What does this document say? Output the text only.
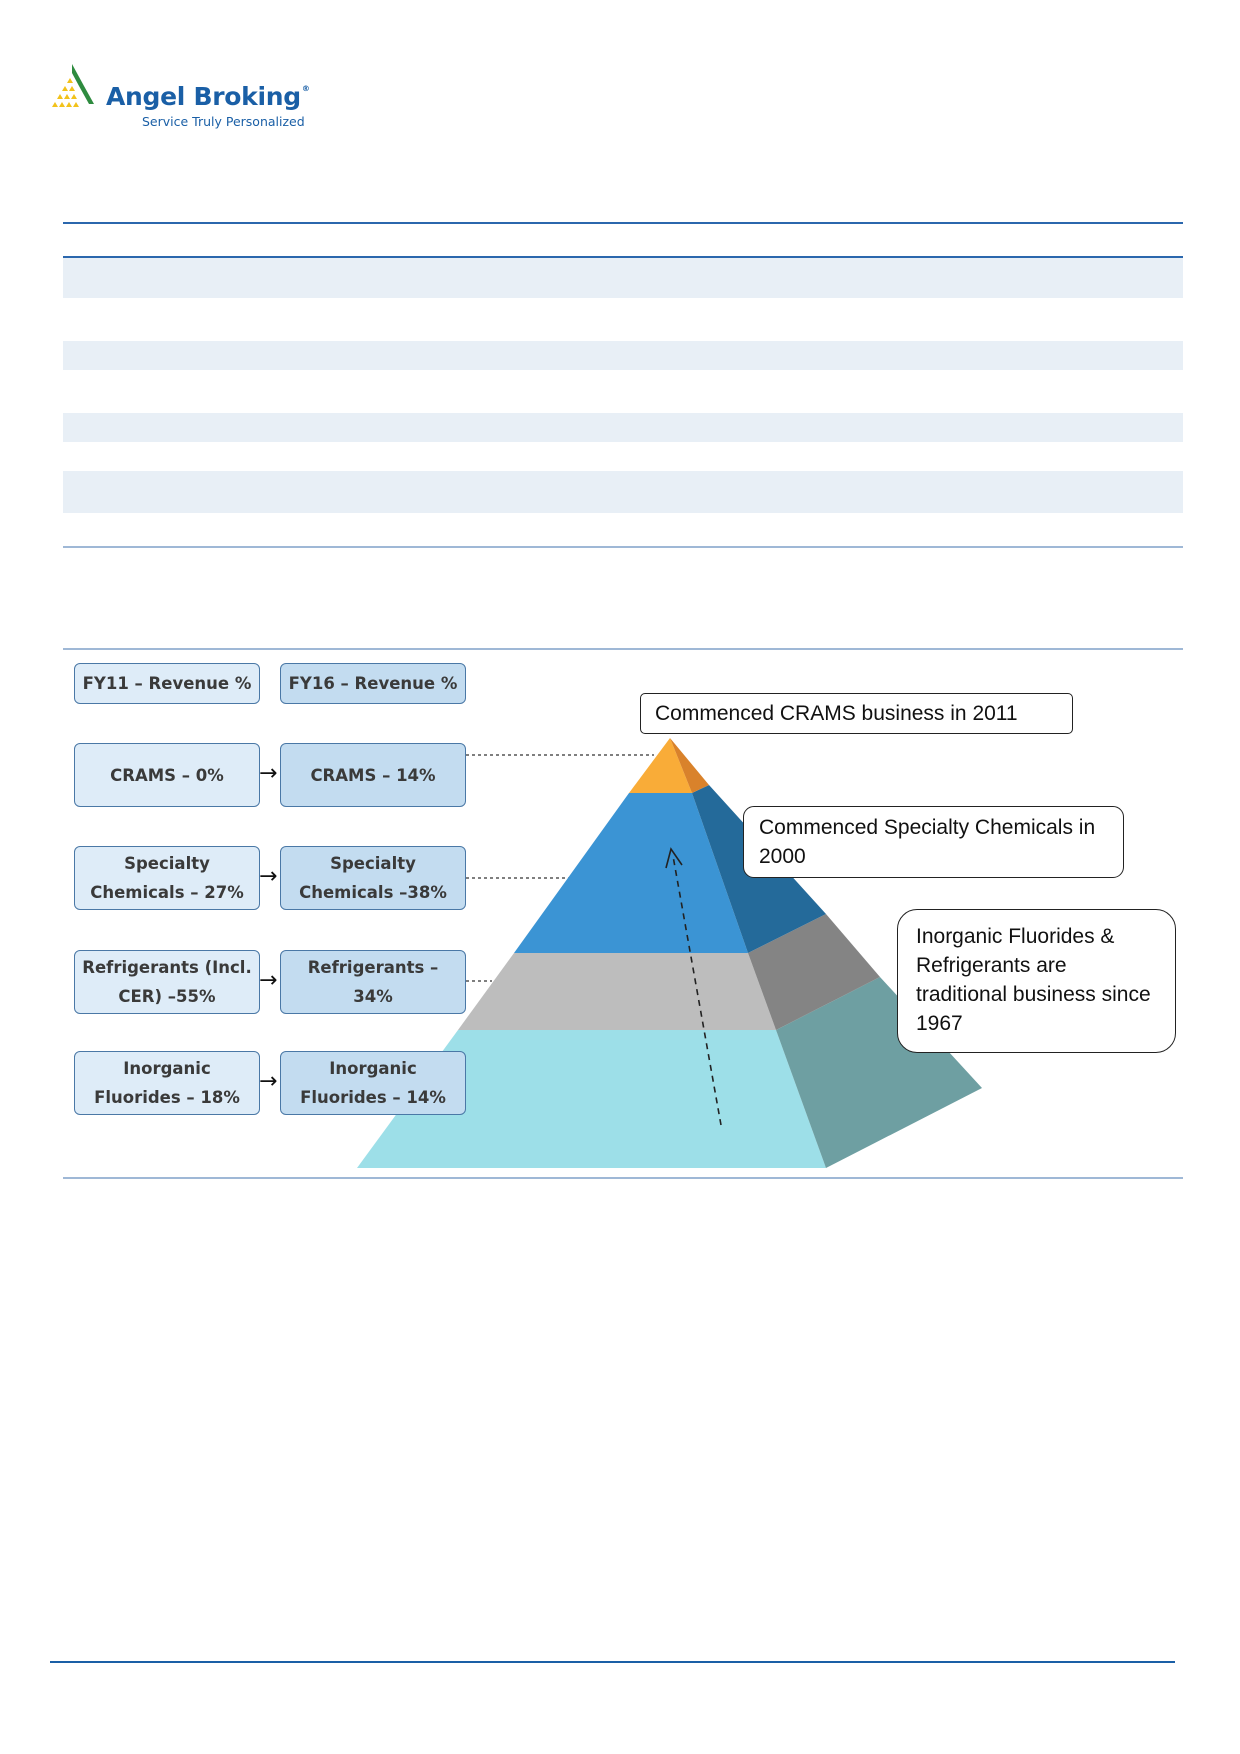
Angel Broking®
Service Truly Personalized
FY11 – Revenue % FY16 – Revenue %
CRAMS – 0% → CRAMS – 14%
Specialty
Chemicals – 27%
→
Specialty
Chemicals –38%
Refrigerants (Incl.
CER) –55%
→
Refrigerants –
34%
Inorganic
Fluorides – 18%
→
Inorganic
Fluorides – 14%
Commenced CRAMS business in 2011
Commenced Specialty Chemicals in 2000
Inorganic Fluorides & Refrigerants are traditional business since 1967
